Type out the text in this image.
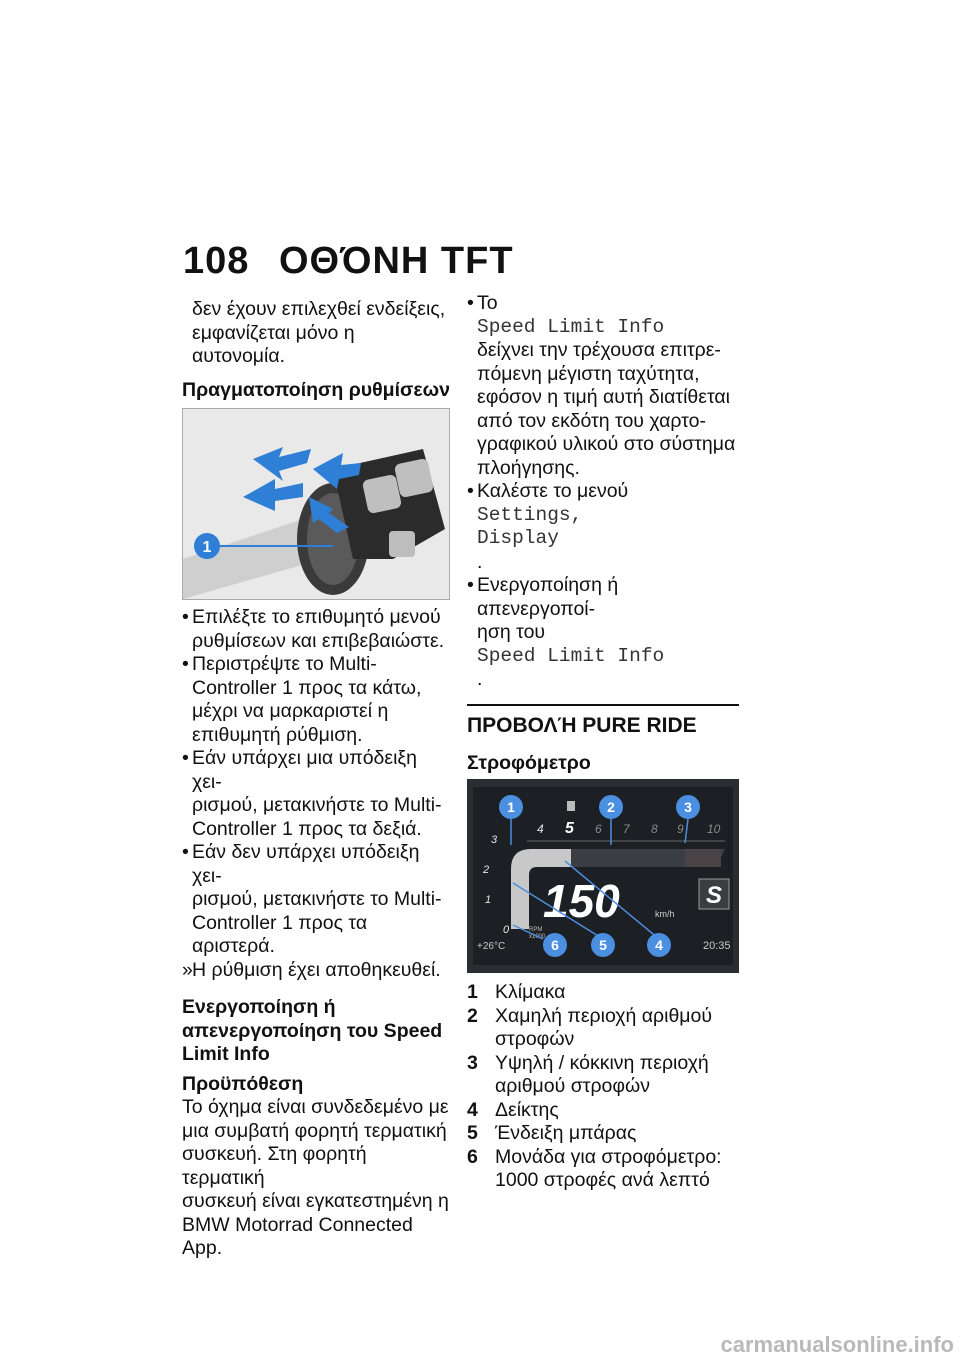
108 ΟΘΌΝΗ TFT

δεν έχουν επιλεχθεί ενδείξεις,

εμφανίζεται μόνο η αυτονομία.

Πραγματοποίηση ρυθμίσεων

1
• Επιλέξτε το επιθυμητό μενού
ρυθμίσεων και επιβεβαιώστε.
• Περιστρέψτε το Multi-
Controller 1 προς τα κάτω,
μέχρι να μαρκαριστεί η
επιθυμητή ρύθμιση.
• Εάν υπάρχει μια υπόδειξη χει-
ρισμού, μετακινήστε το Multi-
Controller 1 προς τα δεξιά.
• Εάν δεν υπάρχει υπόδειξη χει-
ρισμού, μετακινήστε το Multi-
Controller 1 προς τα αριστερά.
» Η ρύθμιση έχει αποθηκευθεί.
Ενεργοποίηση ή
απενεργοποίηση του Speed
Limit Info

Προϋπόθεση

Το όχημα είναι συνδεδεμένο με
μια συμβατή φορητή τερματική
συσκευή. Στη φορητή τερματική
συσκευή είναι εγκατεστημένη η
BMW Motorrad Connected App.
• Το
Speed Limit Info
δείχνει την τρέχουσα επιτρε-
πόμενη μέγιστη ταχύτητα,
εφόσον η τιμή αυτή διατίθεται
από τον εκδότη του χαρτο-
γραφικού υλικού στο σύστημα
πλοήγησης.
• Καλέστε το μενού
Settings,
Display
.
• Ενεργοποίηση ή απενεργοποί-
ηση του
Speed Limit Info
.

ΠΡΟΒΟΛΉ PURE RIDE

Στροφόμετρο

3
2
1
0
4 5 6 7 8 9 10
150	km/h
S
RPM
x1000
+26°C	20:35
1	2	3
4
5
6
1 Κλίμακα
2 Χαμηλή περιοχή αριθμού
στροφών
3 Υψηλή / κόκκινη περιοχή
αριθμού στροφών
4 Δείκτης
5 Ένδειξη μπάρας
6 Μονάδα για στροφόμετρο:
1000 στροφές ανά λεπτό
carmanualsonline.info
